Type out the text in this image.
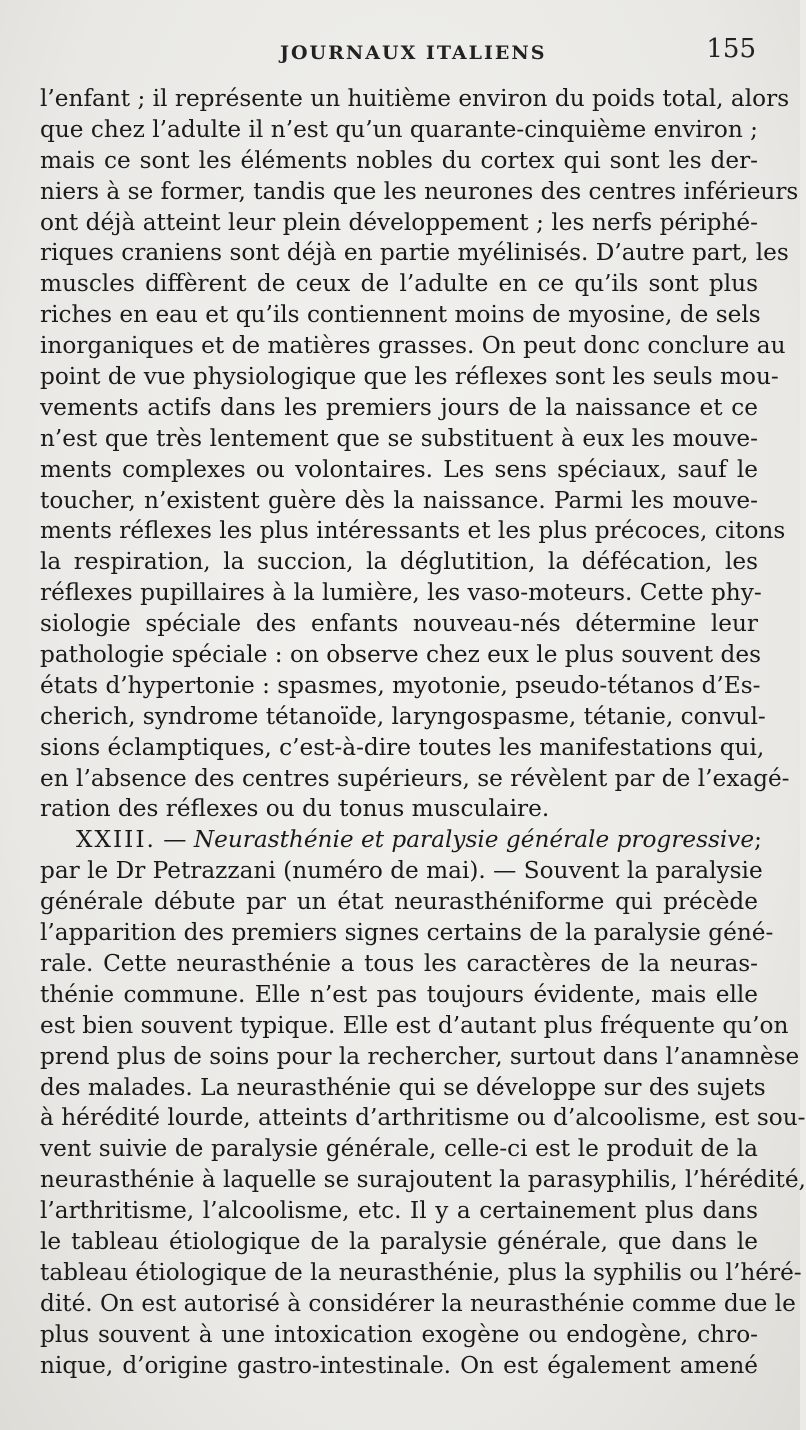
JOURNAUX ITALIENS	155
l’enfant ; il représente un huitième environ du poids total, alors
que chez l’adulte il n’est qu’un quarante-cinquième environ ;
mais ce sont les éléments nobles du cortex qui sont les der-
niers à se former, tandis que les neurones des centres inférieurs
ont déjà atteint leur plein développement ; les nerfs périphé-
riques craniens sont déjà en partie myélinisés. D’autre part, les
muscles diffèrent de ceux de l’adulte en ce qu’ils sont plus
riches en eau et qu’ils contiennent moins de myosine, de sels
inorganiques et de matières grasses. On peut donc conclure au
point de vue physiologique que les réflexes sont les seuls mou-
vements actifs dans les premiers jours de la naissance et ce
n’est que très lentement que se substituent à eux les mouve-
ments complexes ou volontaires. Les sens spéciaux, sauf le
toucher, n’existent guère dès la naissance. Parmi les mouve-
ments réflexes les plus intéressants et les plus précoces, citons
la respiration, la succion, la déglutition, la défécation, les
réflexes pupillaires à la lumière, les vaso-moteurs. Cette phy-
siologie spéciale des enfants nouveau-nés détermine leur
pathologie spéciale : on observe chez eux le plus souvent des
états d’hypertonie : spasmes, myotonie, pseudo-tétanos d’Es-
cherich, syndrome tétanoïde, laryngospasme, tétanie, convul-
sions éclamptiques, c’est-à-dire toutes les manifestations qui,
en l’absence des centres supérieurs, se révèlent par de l’exagé-
ration des réflexes ou du tonus musculaire.
XXIII. — Neurasthénie et paralysie générale progressive;
par le Dr Petrazzani (numéro de mai). — Souvent la paralysie
générale débute par un état neurasthéniforme qui précède
l’apparition des premiers signes certains de la paralysie géné-
rale. Cette neurasthénie a tous les caractères de la neuras-
thénie commune. Elle n’est pas toujours évidente, mais elle
est bien souvent typique. Elle est d’autant plus fréquente qu’on
prend plus de soins pour la rechercher, surtout dans l’anamnèse
des malades. La neurasthénie qui se développe sur des sujets
à hérédité lourde, atteints d’arthritisme ou d’alcoolisme, est sou-
vent suivie de paralysie générale, celle-ci est le produit de la
neurasthénie à laquelle se surajoutent la parasyphilis, l’hérédité,
l’arthritisme, l’alcoolisme, etc. Il y a certainement plus dans
le tableau étiologique de la paralysie générale, que dans le
tableau étiologique de la neurasthénie, plus la syphilis ou l’héré-
dité. On est autorisé à considérer la neurasthénie comme due le
plus souvent à une intoxication exogène ou endogène, chro-
nique, d’origine gastro-intestinale. On est également amené
